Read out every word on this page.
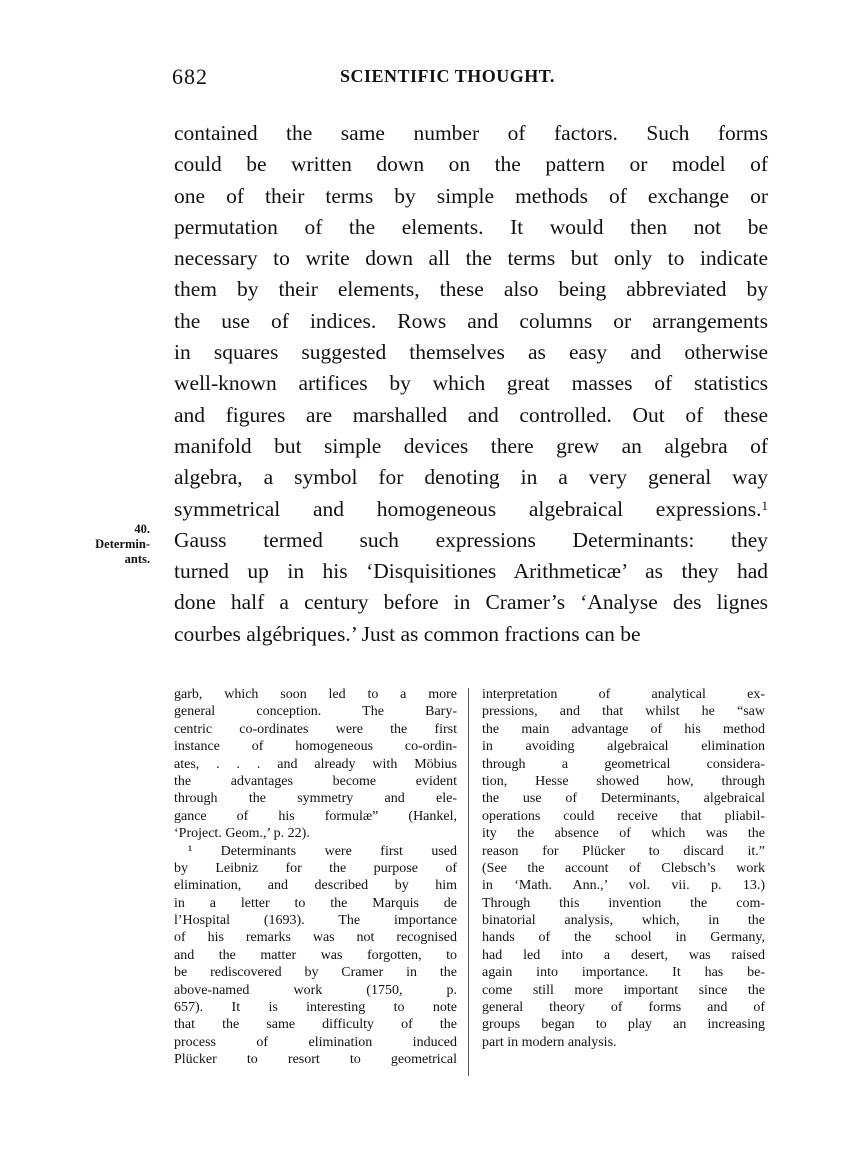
682	SCIENTIFIC THOUGHT.
40.
Determin-
ants.
contained the same number of factors. Such forms
could be written down on the pattern or model of
one of their terms by simple methods of exchange or
permutation of the elements. It would then not be
necessary to write down all the terms but only to indicate
them by their elements, these also being abbreviated by
the use of indices. Rows and columns or arrangements
in squares suggested themselves as easy and otherwise
well-known artifices by which great masses of statistics
and figures are marshalled and controlled. Out of these
manifold but simple devices there grew an algebra of
algebra, a symbol for denoting in a very general way
symmetrical and homogeneous algebraical expressions.$^1$
Gauss termed such expressions Determinants: they
turned up in his ‘Disquisitiones Arithmeticæ’ as they had
done half a century before in Cramer’s ‘Analyse des lignes
courbes algébriques.’ Just as common fractions can be
garb, which soon led to a more
general conception. The Bary-
centric co-ordinates were the first
instance of homogeneous co-ordin-
ates, . . . and already with Möbius
the advantages become evident
through the symmetry and ele-
gance of his formulæ” (Hankel,
‘Project. Geom.,’ p. 22).
¹ Determinants were first used
by Leibniz for the purpose of
elimination, and described by him
in a letter to the Marquis de
l’Hospital (1693). The importance
of his remarks was not recognised
and the matter was forgotten, to
be rediscovered by Cramer in the
above-named work (1750, p.
657). It is interesting to note
that the same difficulty of the
process of elimination induced
Plücker to resort to geometrical
interpretation of analytical ex-
pressions, and that whilst he “saw
the main advantage of his method
in avoiding algebraical elimination
through a geometrical considera-
tion, Hesse showed how, through
the use of Determinants, algebraical
operations could receive that pliabil-
ity the absence of which was the
reason for Plücker to discard it.”
(See the account of Clebsch’s work
in ‘Math. Ann.,’ vol. vii. p. 13.)
Through this invention the com-
binatorial analysis, which, in the
hands of the school in Germany,
had led into a desert, was raised
again into importance. It has be-
come still more important since the
general theory of forms and of
groups began to play an increasing
part in modern analysis.
